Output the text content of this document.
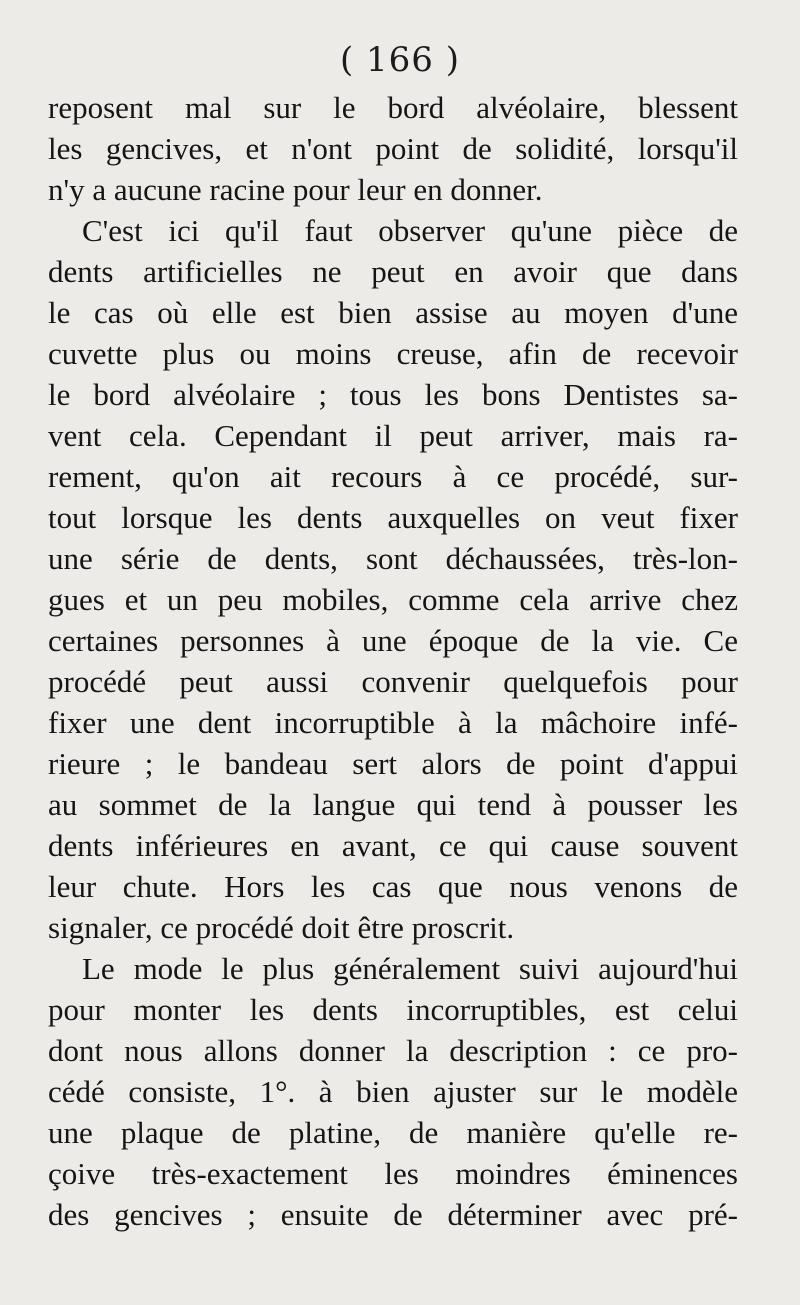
( 166 )
reposent mal sur le bord alvéolaire, blessent
les gencives, et n'ont point de solidité, lorsqu'il
n'y a aucune racine pour leur en donner.
C'est ici qu'il faut observer qu'une pièce de
dents artificielles ne peut en avoir que dans
le cas où elle est bien assise au moyen d'une
cuvette plus ou moins creuse, afin de recevoir
le bord alvéolaire ; tous les bons Dentistes sa-
vent cela. Cependant il peut arriver, mais ra-
rement, qu'on ait recours à ce procédé, sur-
tout lorsque les dents auxquelles on veut fixer
une série de dents, sont déchaussées, très-lon-
gues et un peu mobiles, comme cela arrive chez
certaines personnes à une époque de la vie. Ce
procédé peut aussi convenir quelquefois pour
fixer une dent incorruptible à la mâchoire infé-
rieure ; le bandeau sert alors de point d'appui
au sommet de la langue qui tend à pousser les
dents inférieures en avant, ce qui cause souvent
leur chute. Hors les cas que nous venons de
signaler, ce procédé doit être proscrit.
Le mode le plus généralement suivi aujourd'hui
pour monter les dents incorruptibles, est celui
dont nous allons donner la description : ce pro-
cédé consiste, 1°. à bien ajuster sur le modèle
une plaque de platine, de manière qu'elle re-
çoive très-exactement les moindres éminences
des gencives ; ensuite de déterminer avec pré-
